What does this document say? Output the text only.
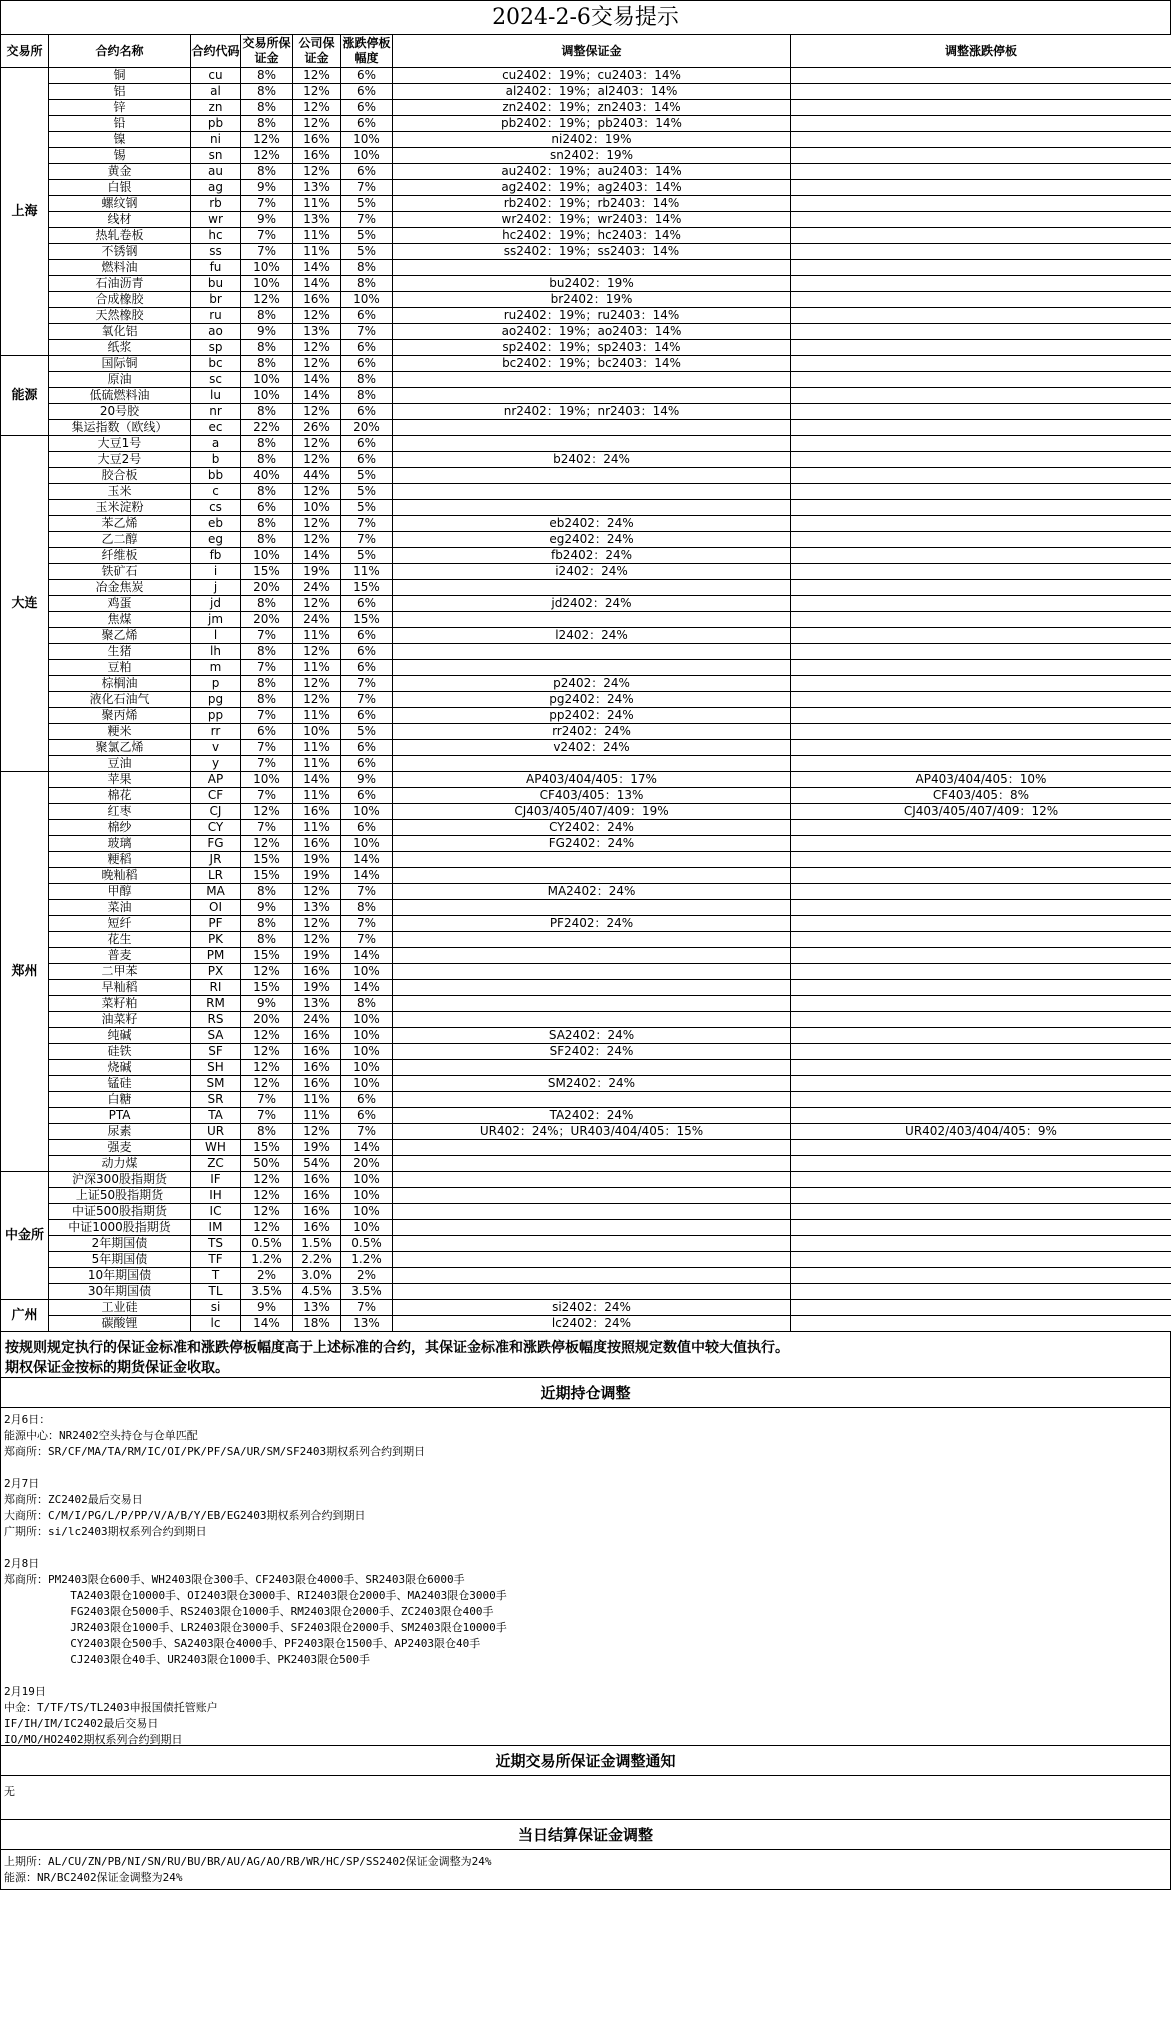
2024-2-6交易提示
交易所	合约名称	合约代码	交易所保证金	公司保证金	涨跌停板幅度	调整保证金	调整涨跌停板
上海	铜	cu	8%	12%	6%	cu2402：19%；cu2403：14%	
	铝	al	8%	12%	6%	al2402：19%；al2403：14%	
	锌	zn	8%	12%	6%	zn2402：19%；zn2403：14%	
	铅	pb	8%	12%	6%	pb2402：19%；pb2403：14%	
	镍	ni	12%	16%	10%	ni2402：19%	
	锡	sn	12%	16%	10%	sn2402：19%	
	黄金	au	8%	12%	6%	au2402：19%；au2403：14%	
	白银	ag	9%	13%	7%	ag2402：19%；ag2403：14%	
	螺纹钢	rb	7%	11%	5%	rb2402：19%；rb2403：14%	
	线材	wr	9%	13%	7%	wr2402：19%；wr2403：14%	
	热轧卷板	hc	7%	11%	5%	hc2402：19%；hc2403：14%	
	不锈钢	ss	7%	11%	5%	ss2402：19%；ss2403：14%	
	燃料油	fu	10%	14%	8%		
	石油沥青	bu	10%	14%	8%	bu2402：19%	
	合成橡胶	br	12%	16%	10%	br2402：19%	
	天然橡胶	ru	8%	12%	6%	ru2402：19%；ru2403：14%	
	氧化铝	ao	9%	13%	7%	ao2402：19%；ao2403：14%	
	纸浆	sp	8%	12%	6%	sp2402：19%；sp2403：14%	
能源	国际铜	bc	8%	12%	6%	bc2402：19%；bc2403：14%	
	原油	sc	10%	14%	8%		
	低硫燃料油	lu	10%	14%	8%		
	20号胶	nr	8%	12%	6%	nr2402：19%；nr2403：14%	
	集运指数（欧线）	ec	22%	26%	20%		
大连	大豆1号	a	8%	12%	6%		
	大豆2号	b	8%	12%	6%	b2402：24%	
	胶合板	bb	40%	44%	5%		
	玉米	c	8%	12%	5%		
	玉米淀粉	cs	6%	10%	5%		
	苯乙烯	eb	8%	12%	7%	eb2402：24%	
	乙二醇	eg	8%	12%	7%	eg2402：24%	
	纤维板	fb	10%	14%	5%	fb2402：24%	
	铁矿石	i	15%	19%	11%	i2402：24%	
	冶金焦炭	j	20%	24%	15%		
	鸡蛋	jd	8%	12%	6%	jd2402：24%	
	焦煤	jm	20%	24%	15%		
	聚乙烯	l	7%	11%	6%	l2402：24%	
	生猪	lh	8%	12%	6%		
	豆粕	m	7%	11%	6%		
	棕榈油	p	8%	12%	7%	p2402：24%	
	液化石油气	pg	8%	12%	7%	pg2402：24%	
	聚丙烯	pp	7%	11%	6%	pp2402：24%	
	粳米	rr	6%	10%	5%	rr2402：24%	
	聚氯乙烯	v	7%	11%	6%	v2402：24%	
	豆油	y	7%	11%	6%		
郑州	苹果	AP	10%	14%	9%	AP403/404/405：17%	AP403/404/405：10%
	棉花	CF	7%	11%	6%	CF403/405：13%	CF403/405：8%
	红枣	CJ	12%	16%	10%	CJ403/405/407/409：19%	CJ403/405/407/409：12%
	棉纱	CY	7%	11%	6%	CY2402：24%	
	玻璃	FG	12%	16%	10%	FG2402：24%	
	粳稻	JR	15%	19%	14%		
	晚籼稻	LR	15%	19%	14%		
	甲醇	MA	8%	12%	7%	MA2402：24%	
	菜油	OI	9%	13%	8%		
	短纤	PF	8%	12%	7%	PF2402：24%	
	花生	PK	8%	12%	7%		
	普麦	PM	15%	19%	14%		
	二甲苯	PX	12%	16%	10%		
	早籼稻	RI	15%	19%	14%		
	菜籽粕	RM	9%	13%	8%		
	油菜籽	RS	20%	24%	10%		
	纯碱	SA	12%	16%	10%	SA2402：24%	
	硅铁	SF	12%	16%	10%	SF2402：24%	
	烧碱	SH	12%	16%	10%		
	锰硅	SM	12%	16%	10%	SM2402：24%	
	白糖	SR	7%	11%	6%		
	PTA	TA	7%	11%	6%	TA2402：24%	
	尿素	UR	8%	12%	7%	UR402：24%；UR403/404/405：15%	UR402/403/404/405：9%
	强麦	WH	15%	19%	14%		
	动力煤	ZC	50%	54%	20%		
中金所	沪深300股指期货	IF	12%	16%	10%		
	上证50股指期货	IH	12%	16%	10%		
	中证500股指期货	IC	12%	16%	10%		
	中证1000股指期货	IM	12%	16%	10%		
	2年期国债	TS	0.5%	1.5%	0.5%		
	5年期国债	TF	1.2%	2.2%	1.2%		
	10年期国债	T	2%	3.0%	2%		
	30年期国债	TL	3.5%	4.5%	3.5%		
广州	工业硅	si	9%	13%	7%	si2402：24%	
	碳酸锂	lc	14%	18%	13%	lc2402：24%	
按规则规定执行的保证金标准和涨跌停板幅度高于上述标准的合约，其保证金标准和涨跌停板幅度按照规定数值中较大值执行。
期权保证金按标的期货保证金收取。
近期持仓调整
2月6日：
能源中心：NR2402空头持仓与仓单匹配
郑商所：SR/CF/MA/TA/RM/IC/OI/PK/PF/SA/UR/SM/SF2403期权系列合约到期日
2月7日
郑商所：ZC2402最后交易日
大商所：C/M/I/PG/L/P/PP/V/A/B/Y/EB/EG2403期权系列合约到期日
广期所：si/lc2403期权系列合约到期日
2月8日
郑商所：PM2403限仓600手、WH2403限仓300手、CF2403限仓4000手、SR2403限仓6000手
TA2403限仓10000手、OI2403限仓3000手、RI2403限仓2000手、MA2403限仓3000手
FG2403限仓5000手、RS2403限仓1000手、RM2403限仓2000手、ZC2403限仓400手
JR2403限仓1000手、LR2403限仓3000手、SF2403限仓2000手、SM2403限仓10000手
CY2403限仓500手、SA2403限仓4000手、PF2403限仓1500手、AP2403限仓40手
CJ2403限仓40手、UR2403限仓1000手、PK2403限仓500手
2月19日
中金：T/TF/TS/TL2403申报国债托管账户
IF/IH/IM/IC2402最后交易日
IO/MO/HO2402期权系列合约到期日
近期交易所保证金调整通知
无
当日结算保证金调整
上期所：AL/CU/ZN/PB/NI/SN/RU/BU/BR/AU/AG/AO/RB/WR/HC/SP/SS2402保证金调整为24%
能源：NR/BC2402保证金调整为24%
